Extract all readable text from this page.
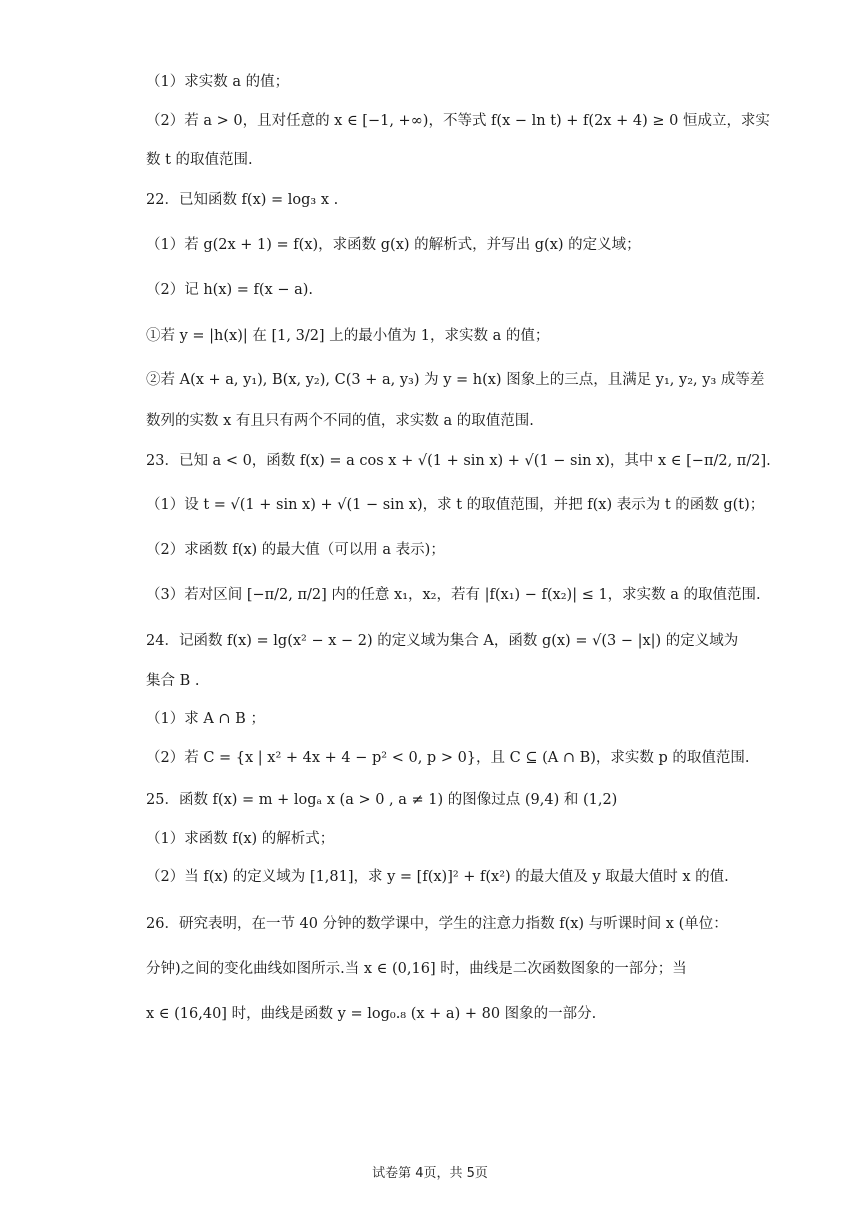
（1）求实数 a 的值；
（2）若 a > 0，且对任意的 x ∈ [−1, +∞)，不等式 f(x − ln t) + f(2x + 4) ≥ 0 恒成立，求实
数 t 的取值范围.
22．已知函数 f(x) = log₃ x .
（1）若 g(2x + 1) = f(x)，求函数 g(x) 的解析式，并写出 g(x) 的定义域；
（2）记 h(x) = f(x − a).
①若 y = |h(x)| 在 [1, 3/2] 上的最小值为 1，求实数 a 的值；
②若 A(x + a, y₁), B(x, y₂), C(3 + a, y₃) 为 y = h(x) 图象上的三点，且满足 y₁, y₂, y₃ 成等差
数列的实数 x 有且只有两个不同的值，求实数 a 的取值范围.
23．已知 a < 0，函数 f(x) = a cos x + √(1 + sin x) + √(1 − sin x)，其中 x ∈ [−π/2, π/2].
（1）设 t = √(1 + sin x) + √(1 − sin x)，求 t 的取值范围，并把 f(x) 表示为 t 的函数 g(t)；
（2）求函数 f(x) 的最大值（可以用 a 表示)；
（3）若对区间 [−π/2, π/2] 内的任意 x₁，x₂，若有 |f(x₁) − f(x₂)| ≤ 1，求实数 a 的取值范围.
24．记函数 f(x) = lg(x² − x − 2) 的定义域为集合 A，函数 g(x) = √(3 − |x|) 的定义域为
集合 B .
（1）求 A ∩ B ；
（2）若 C = {x | x² + 4x + 4 − p² < 0, p > 0}，且 C ⊆ (A ∩ B)，求实数 p 的取值范围.
25．函数 f(x) = m + logₐ x (a > 0 , a ≠ 1) 的图像过点 (9,4) 和 (1,2)
（1）求函数 f(x) 的解析式；
（2）当 f(x) 的定义域为 [1,81]，求 y = [f(x)]² + f(x²) 的最大值及 y 取最大值时 x 的值.
26．研究表明，在一节 40 分钟的数学课中，学生的注意力指数 f(x) 与听课时间 x (单位：
分钟)之间的变化曲线如图所示.当 x ∈ (0,16] 时，曲线是二次函数图象的一部分；当
x ∈ (16,40] 时，曲线是函数 y = log₀.₈ (x + a) + 80 图象的一部分.
试卷第 4页，共 5页
